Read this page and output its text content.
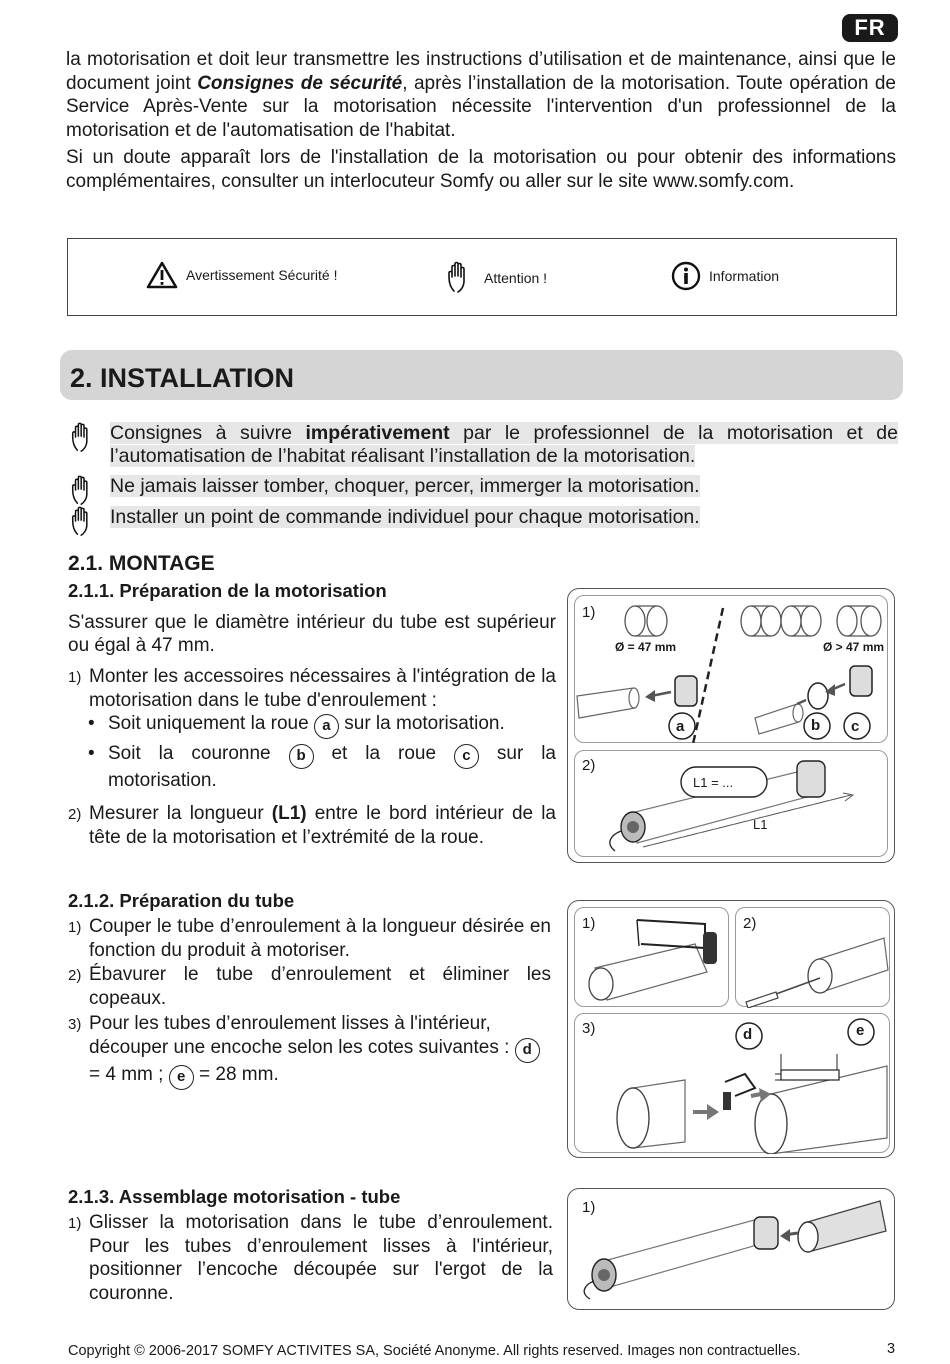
FR

la motorisation et doit leur transmettre les instructions d’utilisation et de maintenance, ainsi que le document joint Consignes de sécurité, après l’installation de la motorisation. Toute opération de Service Après-Vente sur la motorisation nécessite l'intervention d'un professionnel de la motorisation et de l'automatisation de l'habitat.

Si un doute apparaît lors de l'installation de la motorisation ou pour obtenir des informations complémentaires, consulter un interlocuteur Somfy ou aller sur le site www.somfy.com.

Avertissement Sécurité !	Attention !	Information
2. INSTALLATION
Consignes à suivre impérativement par le professionnel de la motorisation et de l’automatisation de l’habitat réalisant l’installation de la motorisation.
Ne jamais laisser tomber, choquer, percer, immerger la motorisation.
Installer un point de commande individuel pour chaque motorisation.
2.1. MONTAGE
2.1.1. Préparation de la motorisation
S'assurer que le diamètre intérieur du tube est supérieur ou égal à 47 mm.
1) Monter les accessoires nécessaires à l'intégration de la motorisation dans le tube d'enroulement :
• Soit uniquement la roue a sur la motorisation.
• Soit la couronne b et la roue c sur la motorisation.
2) Mesurer la longueur (L1) entre le bord intérieur de la tête de la motorisation et l’extrémité de la roue.
1)
Ø = 47 mm	Ø > 47 mm
a	b c
2)
L1 = ...
L1
2.1.2. Préparation du tube
1) Couper le tube d’enroulement à la longueur désirée en fonction du produit à motoriser.
2) Ébavurer le tube d’enroulement et éliminer les copeaux.
3) Pour les tubes d’enroulement lisses à l'intérieur, découper une encoche selon les cotes suivantes : d = 4 mm ; e = 28 mm.
1)	2)
3)	d	e
2.1.3. Assemblage motorisation - tube
1) Glisser la motorisation dans le tube d’enroulement. Pour les tubes d’enroulement lisses à l'intérieur, positionner l’encoche découpée sur l'ergot de la couronne.
1)
Copyright © 2006-2017 SOMFY ACTIVITES SA, Société Anonyme. All rights reserved. Images non contractuelles.	3
